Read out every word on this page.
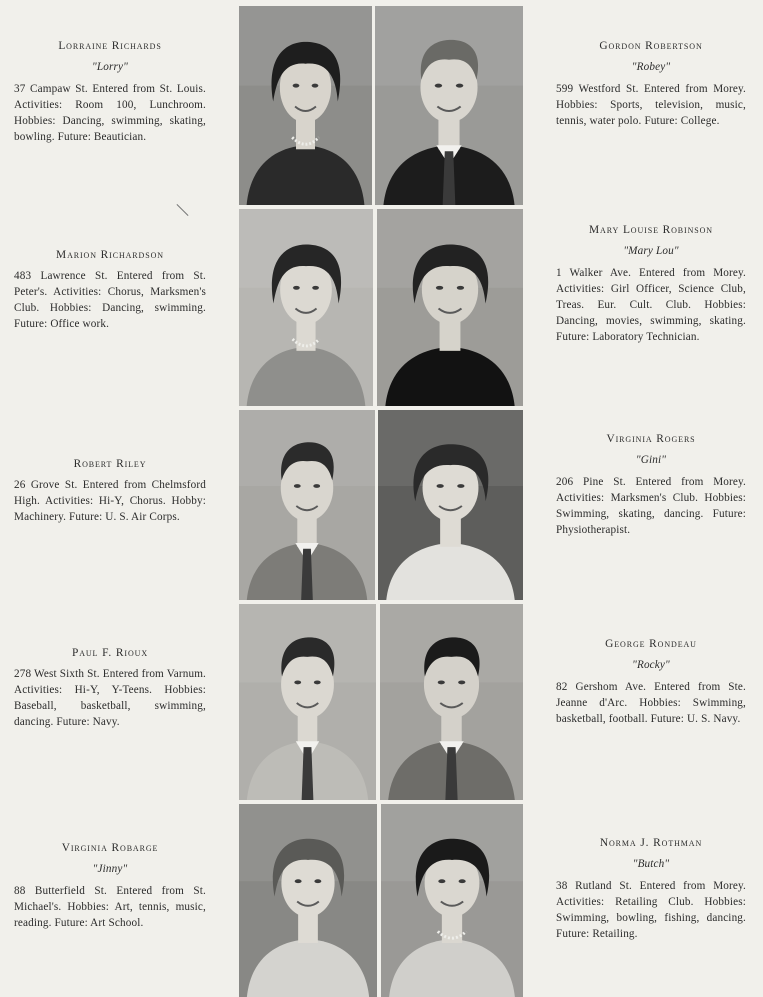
Lorraine Richards
"Lorry"
37 Campaw St. Entered from St. Louis. Activities: Room 100, Lunchroom. Hobbies: Dancing, swimming, skating, bowling. Future: Beautician.
Gordon Robertson
"Robey"
599 Westford St. Entered from Morey. Hobbies: Sports, television, music, tennis, water polo. Future: College.
Marion Richardson
483 Lawrence St. Entered from St. Peter's. Activities: Chorus, Marksmen's Club. Hobbies: Dancing, swimming. Future: Office work.
Mary Louise Robinson
"Mary Lou"
1 Walker Ave. Entered from Morey. Activities: Girl Officer, Science Club, Treas. Eur. Cult. Club. Hobbies: Dancing, movies, swimming, skating. Future: Laboratory Technician.
Robert Riley
26 Grove St. Entered from Chelmsford High. Activities: Hi-Y, Chorus. Hobby: Machinery. Future: U. S. Air Corps.
Virginia Rogers
"Gini"
206 Pine St. Entered from Morey. Activities: Marksmen's Club. Hobbies: Swimming, skating, dancing. Future: Physiotherapist.
Paul F. Rioux
278 West Sixth St. Entered from Varnum. Activities: Hi-Y, Y-Teens. Hobbies: Baseball, basketball, swimming, dancing. Future: Navy.
George Rondeau
"Rocky"
82 Gershom Ave. Entered from Ste. Jeanne d'Arc. Hobbies: Swimming, basketball, football. Future: U. S. Navy.
Virginia Robarge
"Jinny"
88 Butterfield St. Entered from St. Michael's. Hobbies: Art, tennis, music, reading. Future: Art School.
Norma J. Rothman
"Butch"
38 Rutland St. Entered from Morey. Activities: Retailing Club. Hobbies: Swimming, bowling, fishing, dancing. Future: Retailing.
